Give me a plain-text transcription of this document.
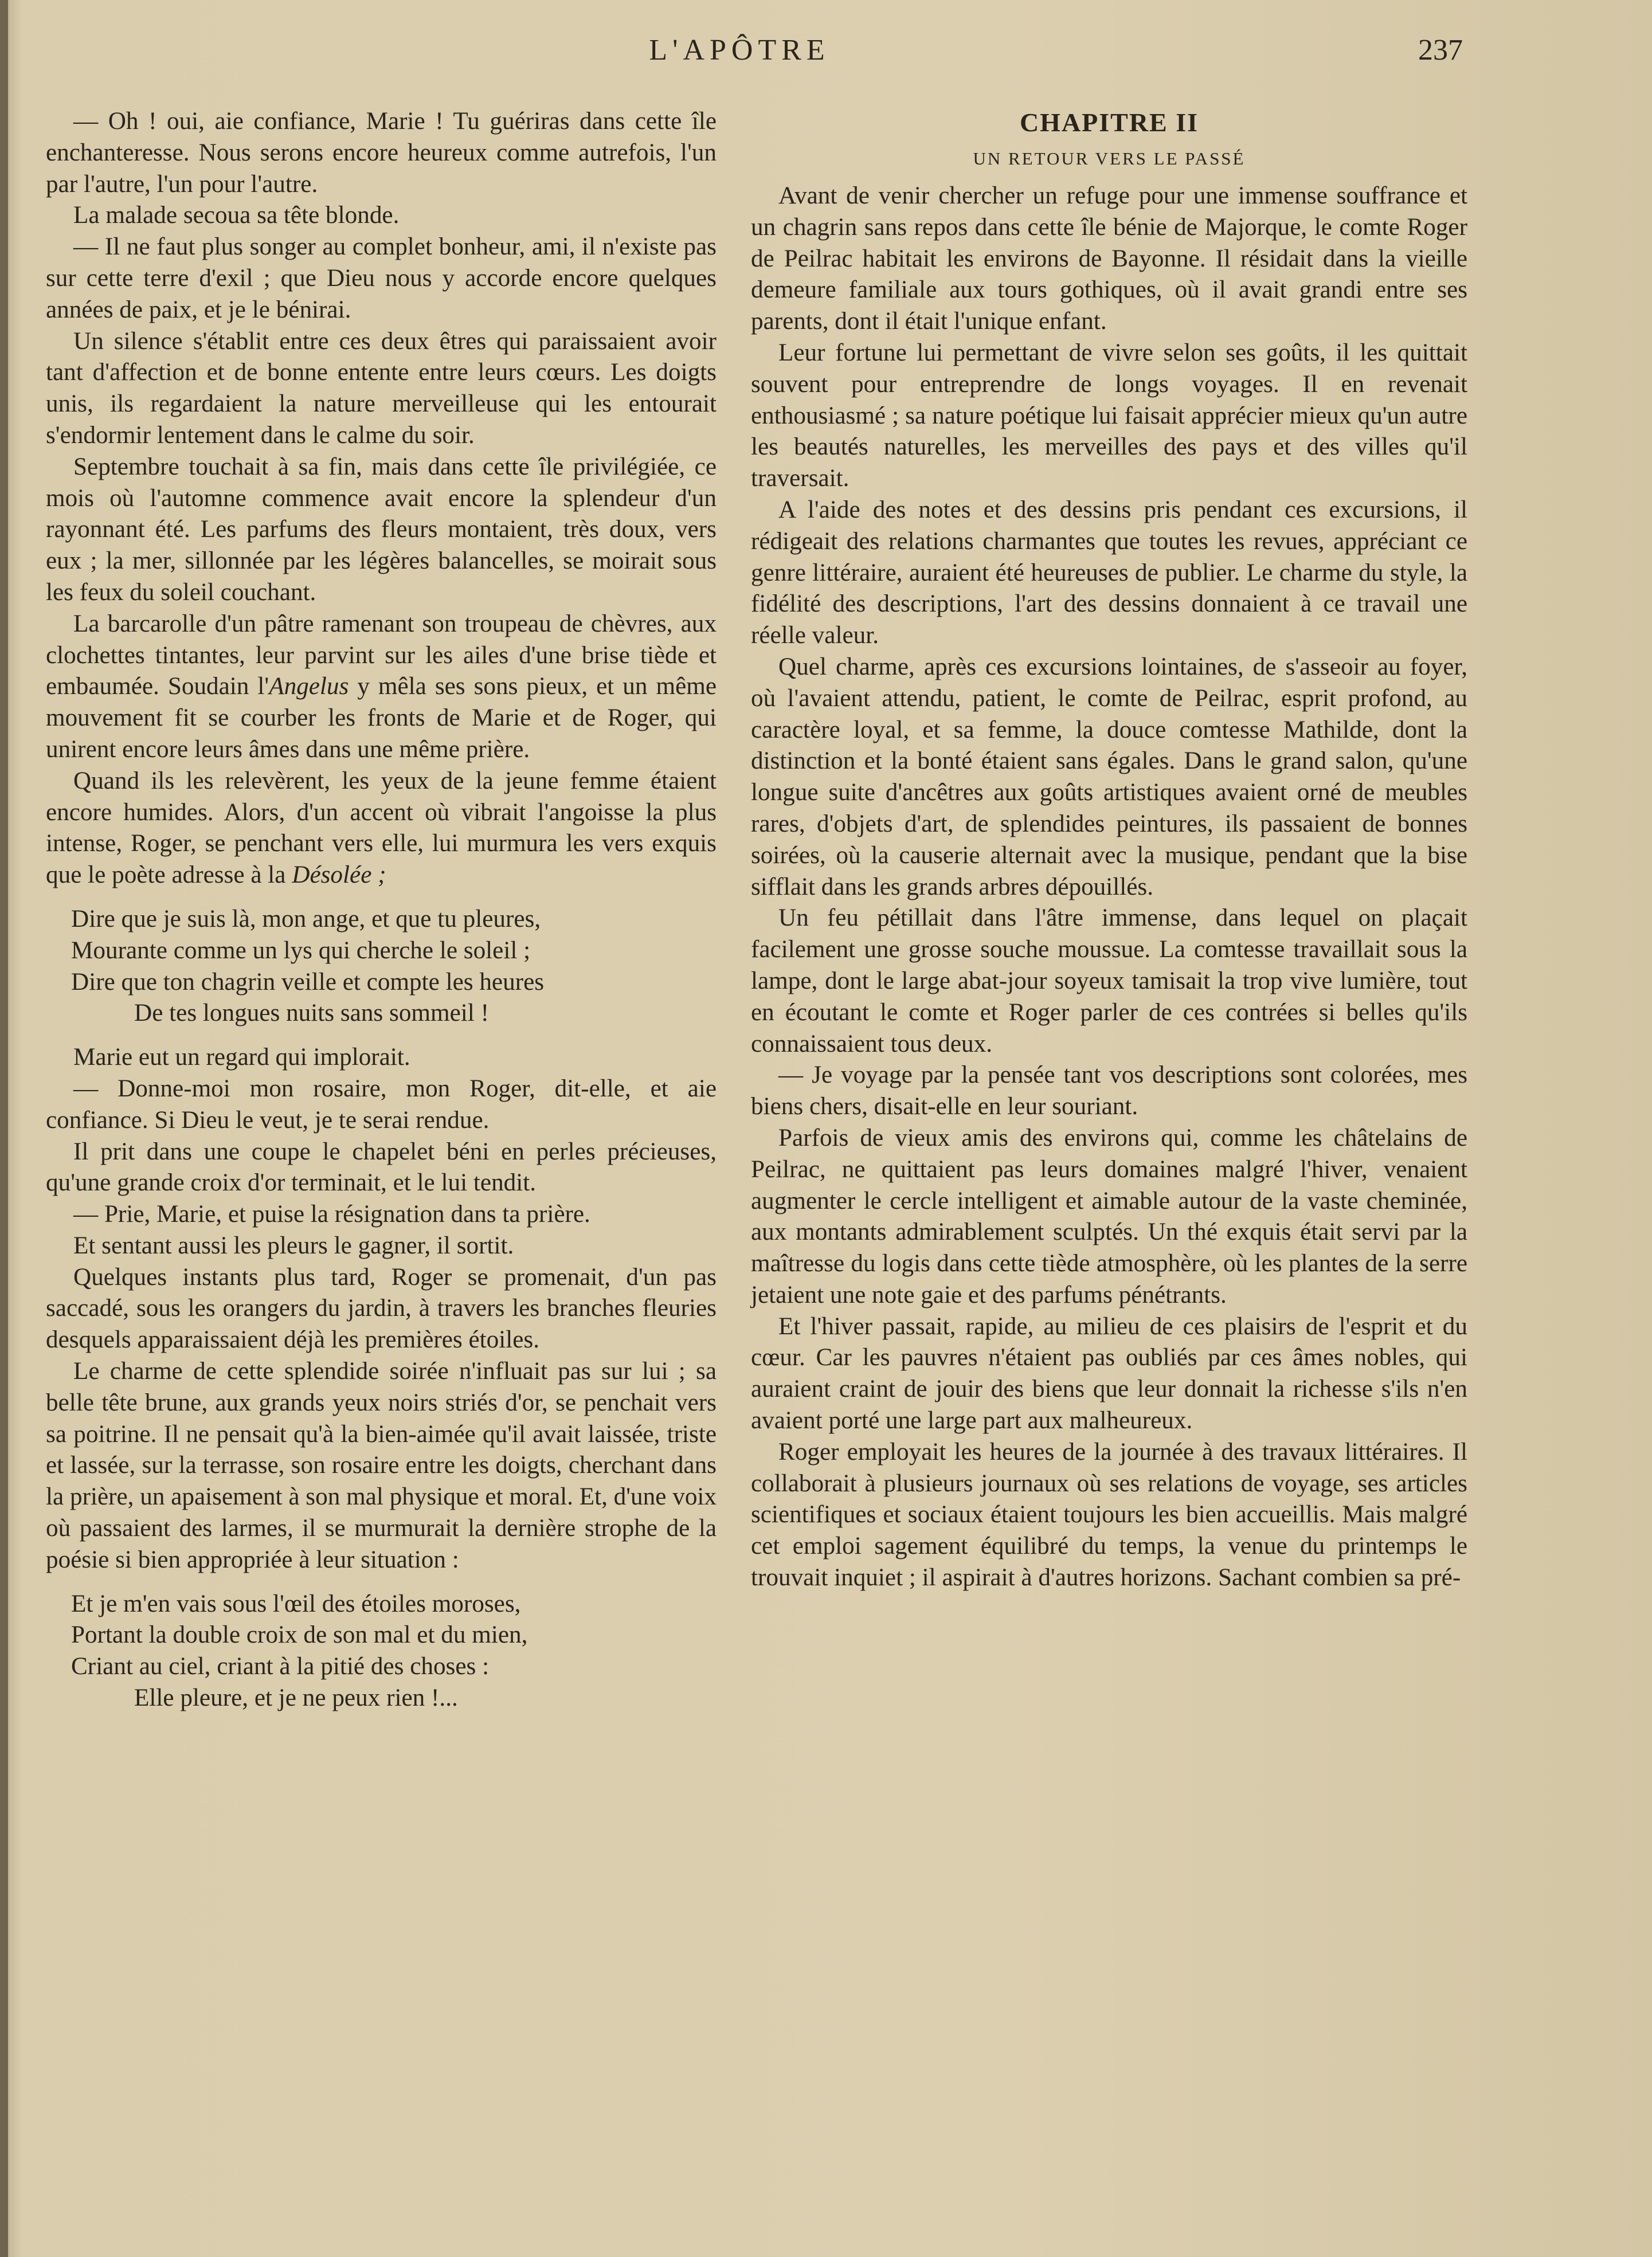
L'APÔTRE	237

— Oh ! oui, aie confiance, Marie ! Tu guériras dans cette île enchanteresse. Nous serons encore heureux comme autrefois, l'un par l'autre, l'un pour l'autre.

La malade secoua sa tête blonde.

— Il ne faut plus songer au complet bonheur, ami, il n'existe pas sur cette terre d'exil ; que Dieu nous y accorde encore quelques années de paix, et je le bénirai.

Un silence s'établit entre ces deux êtres qui paraissaient avoir tant d'affection et de bonne entente entre leurs cœurs. Les doigts unis, ils regardaient la nature merveilleuse qui les entourait s'endormir lentement dans le calme du soir.

Septembre touchait à sa fin, mais dans cette île privilégiée, ce mois où l'automne commence avait encore la splendeur d'un rayonnant été. Les parfums des fleurs montaient, très doux, vers eux ; la mer, sillonnée par les légères balancelles, se moirait sous les feux du soleil couchant.

La barcarolle d'un pâtre ramenant son troupeau de chèvres, aux clochettes tintantes, leur parvint sur les ailes d'une brise tiède et embaumée. Soudain l'Angelus y mêla ses sons pieux, et un même mouvement fit se courber les fronts de Marie et de Roger, qui unirent encore leurs âmes dans une même prière.

Quand ils les relevèrent, les yeux de la jeune femme étaient encore humides. Alors, d'un accent où vibrait l'angoisse la plus intense, Roger, se penchant vers elle, lui murmura les vers exquis que le poète adresse à la Désolée ;

Dire que je suis là, mon ange, et que tu pleures,
Mourante comme un lys qui cherche le soleil ;
Dire que ton chagrin veille et compte les heures
De tes longues nuits sans sommeil !

Marie eut un regard qui implorait.

— Donne-moi mon rosaire, mon Roger, dit-elle, et aie confiance. Si Dieu le veut, je te serai rendue.

Il prit dans une coupe le chapelet béni en perles précieuses, qu'une grande croix d'or terminait, et le lui tendit.

— Prie, Marie, et puise la résignation dans ta prière.

Et sentant aussi les pleurs le gagner, il sortit.

Quelques instants plus tard, Roger se promenait, d'un pas saccadé, sous les orangers du jardin, à travers les branches fleuries desquels apparaissaient déjà les premières étoiles.

Le charme de cette splendide soirée n'influait pas sur lui ; sa belle tête brune, aux grands yeux noirs striés d'or, se penchait vers sa poitrine. Il ne pensait qu'à la bien-aimée qu'il avait laissée, triste et lassée, sur la terrasse, son rosaire entre les doigts, cherchant dans la prière, un apaisement à son mal physique et moral. Et, d'une voix où passaient des larmes, il se murmurait la dernière strophe de la poésie si bien appropriée à leur situation :

Et je m'en vais sous l'œil des étoiles moroses,
Portant la double croix de son mal et du mien,
Criant au ciel, criant à la pitié des choses :
Elle pleure, et je ne peux rien !...
CHAPITRE II
UN RETOUR VERS LE PASSÉ

Avant de venir chercher un refuge pour une immense souffrance et un chagrin sans repos dans cette île bénie de Majorque, le comte Roger de Peilrac habitait les environs de Bayonne. Il résidait dans la vieille demeure familiale aux tours gothiques, où il avait grandi entre ses parents, dont il était l'unique enfant.

Leur fortune lui permettant de vivre selon ses goûts, il les quittait souvent pour entreprendre de longs voyages. Il en revenait enthousiasmé ; sa nature poétique lui faisait apprécier mieux qu'un autre les beautés naturelles, les merveilles des pays et des villes qu'il traversait.

A l'aide des notes et des dessins pris pendant ces excursions, il rédigeait des relations charmantes que toutes les revues, appréciant ce genre littéraire, auraient été heureuses de publier. Le charme du style, la fidélité des descriptions, l'art des dessins donnaient à ce travail une réelle valeur.

Quel charme, après ces excursions lointaines, de s'asseoir au foyer, où l'avaient attendu, patient, le comte de Peilrac, esprit profond, au caractère loyal, et sa femme, la douce comtesse Mathilde, dont la distinction et la bonté étaient sans égales. Dans le grand salon, qu'une longue suite d'ancêtres aux goûts artistiques avaient orné de meubles rares, d'objets d'art, de splendides peintures, ils passaient de bonnes soirées, où la causerie alternait avec la musique, pendant que la bise sifflait dans les grands arbres dépouillés.

Un feu pétillait dans l'âtre immense, dans lequel on plaçait facilement une grosse souche moussue. La comtesse travaillait sous la lampe, dont le large abat-jour soyeux tamisait la trop vive lumière, tout en écoutant le comte et Roger parler de ces contrées si belles qu'ils connaissaient tous deux.

— Je voyage par la pensée tant vos descriptions sont colorées, mes biens chers, disait-elle en leur souriant.

Parfois de vieux amis des environs qui, comme les châtelains de Peilrac, ne quittaient pas leurs domaines malgré l'hiver, venaient augmenter le cercle intelligent et aimable autour de la vaste cheminée, aux montants admirablement sculptés. Un thé exquis était servi par la maîtresse du logis dans cette tiède atmosphère, où les plantes de la serre jetaient une note gaie et des parfums pénétrants.

Et l'hiver passait, rapide, au milieu de ces plaisirs de l'esprit et du cœur. Car les pauvres n'étaient pas oubliés par ces âmes nobles, qui auraient craint de jouir des biens que leur donnait la richesse s'ils n'en avaient porté une large part aux malheureux.

Roger employait les heures de la journée à des travaux littéraires. Il collaborait à plusieurs journaux où ses relations de voyage, ses articles scientifiques et sociaux étaient toujours les bien accueillis. Mais malgré cet emploi sagement équilibré du temps, la venue du printemps le trouvait inquiet ; il aspirait à d'autres horizons. Sachant combien sa pré-
